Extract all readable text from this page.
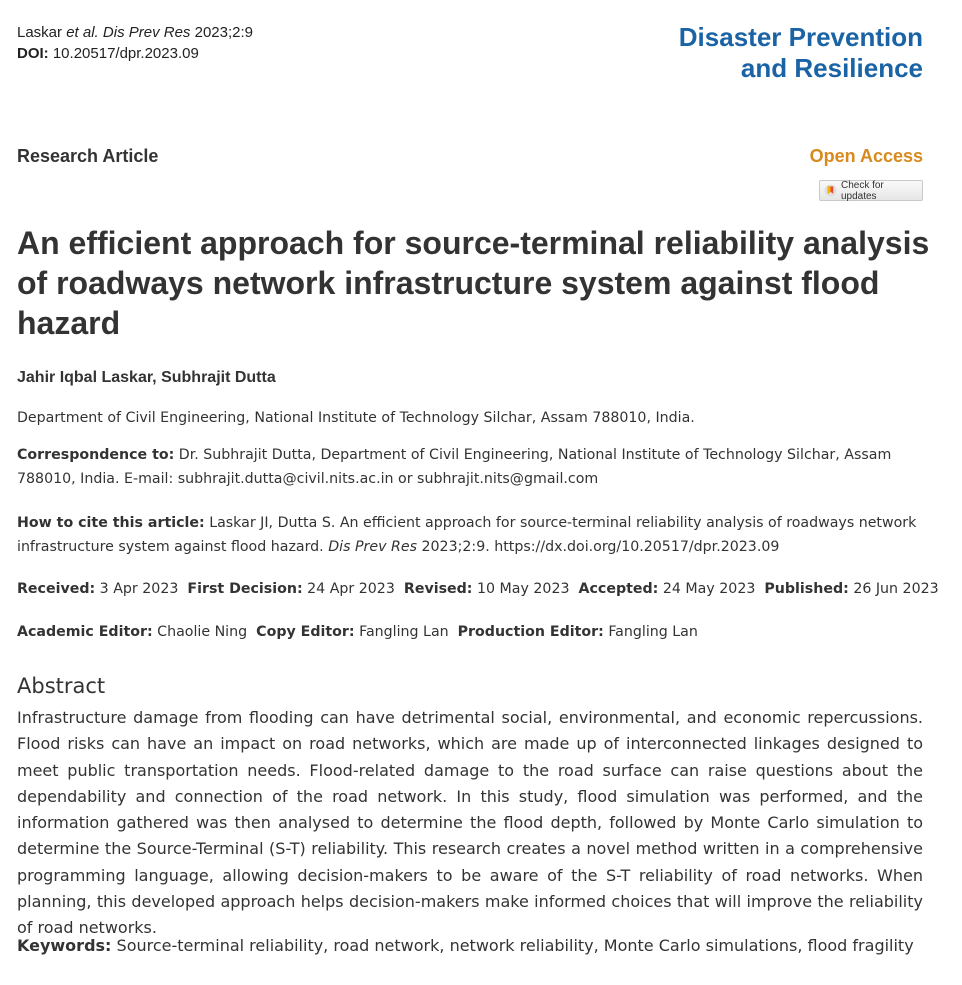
Laskar et al. Dis Prev Res 2023;2:9
DOI: 10.20517/dpr.2023.09
Disaster Prevention
and Resilience
Research Article	Open Access
Check for updates
An efficient approach for source-terminal reliability analysis of roadways network infrastructure system against flood hazard
Jahir Iqbal Laskar, Subhrajit Dutta
Department of Civil Engineering, National Institute of Technology Silchar, Assam 788010, India.
Correspondence to: Dr. Subhrajit Dutta, Department of Civil Engineering, National Institute of Technology Silchar, Assam 788010, India. E-mail: subhrajit.dutta@civil.nits.ac.in or subhrajit.nits@gmail.com
How to cite this article: Laskar JI, Dutta S. An efficient approach for source-terminal reliability analysis of roadways network infrastructure system against flood hazard. Dis Prev Res 2023;2:9. https://dx.doi.org/10.20517/dpr.2023.09
Received: 3 Apr 2023 First Decision: 24 Apr 2023 Revised: 10 May 2023 Accepted: 24 May 2023 Published: 26 Jun 2023
Academic Editor: Chaolie Ning Copy Editor: Fangling Lan Production Editor: Fangling Lan
Abstract
Infrastructure damage from flooding can have detrimental social, environmental, and economic repercussions. Flood risks can have an impact on road networks, which are made up of interconnected linkages designed to meet public transportation needs. Flood-related damage to the road surface can raise questions about the dependability and connection of the road network. In this study, flood simulation was performed, and the information gathered was then analysed to determine the flood depth, followed by Monte Carlo simulation to determine the Source-Terminal (S-T) reliability. This research creates a novel method written in a comprehensive programming language, allowing decision-makers to be aware of the S-T reliability of road networks. When planning, this developed approach helps decision-makers make informed choices that will improve the reliability of road networks.
Keywords: Source-terminal reliability, road network, network reliability, Monte Carlo simulations, flood fragility
